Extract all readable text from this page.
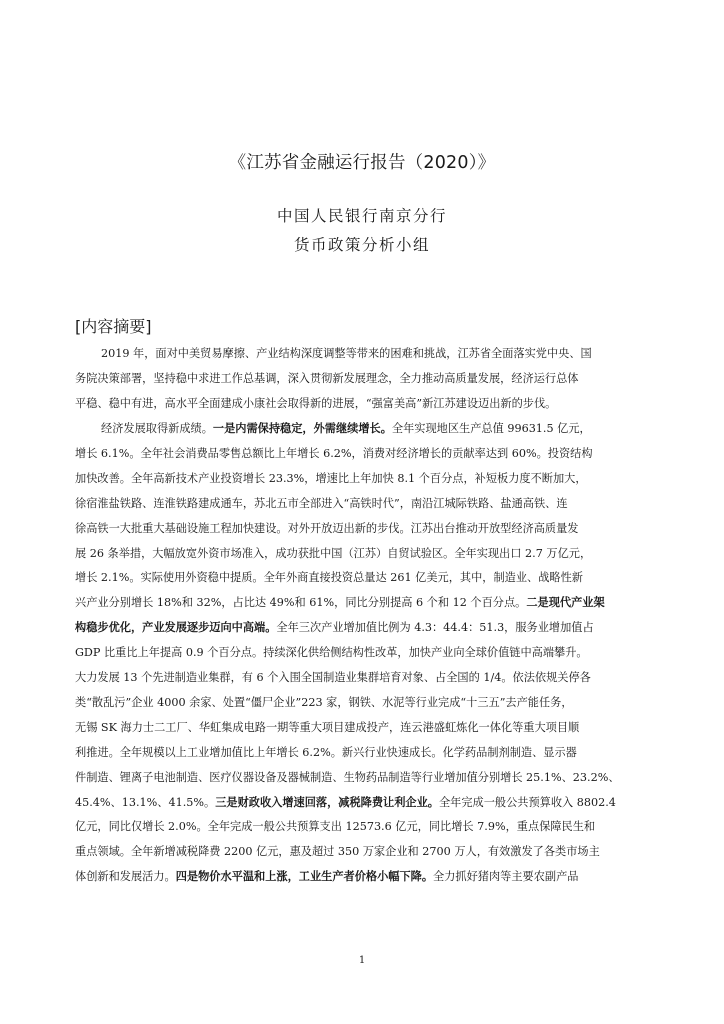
《江苏省金融运行报告（2020）》
中国人民银行南京分行
货币政策分析小组
[内容摘要]
2019 年，面对中美贸易摩擦、产业结构深度调整等带来的困难和挑战，江苏省全面落实党中央、国
务院决策部署，坚持稳中求进工作总基调，深入贯彻新发展理念，全力推动高质量发展，经济运行总体
平稳、稳中有进，高水平全面建成小康社会取得新的进展，“强富美高”新江苏建设迈出新的步伐。
经济发展取得新成绩。一是内需保持稳定，外需继续增长。全年实现地区生产总值 99631.5 亿元，
增长 6.1%。全年社会消费品零售总额比上年增长 6.2%，消费对经济增长的贡献率达到 60%。投资结构
加快改善。全年高新技术产业投资增长 23.3%，增速比上年加快 8.1 个百分点，补短板力度不断加大，
徐宿淮盐铁路、连淮铁路建成通车，苏北五市全部进入“高铁时代”，南沿江城际铁路、盐通高铁、连
徐高铁一大批重大基础设施工程加快建设。对外开放迈出新的步伐。江苏出台推动开放型经济高质量发
展 26 条举措，大幅放宽外资市场准入，成功获批中国（江苏）自贸试验区。全年实现出口 2.7 万亿元，
增长 2.1%。实际使用外资稳中提质。全年外商直接投资总量达 261 亿美元，其中，制造业、战略性新
兴产业分别增长 18%和 32%，占比达 49%和 61%，同比分别提高 6 个和 12 个百分点。二是现代产业架
构稳步优化，产业发展逐步迈向中高端。全年三次产业增加值比例为 4.3：44.4：51.3，服务业增加值占
GDP 比重比上年提高 0.9 个百分点。持续深化供给侧结构性改革，加快产业向全球价值链中高端攀升。
大力发展 13 个先进制造业集群，有 6 个入围全国制造业集群培育对象、占全国的 1/4。依法依规关停各
类“散乱污”企业 4000 余家、处置“僵尸企业”223 家，钢铁、水泥等行业完成“十三五”去产能任务，
无锡 SK 海力士二工厂、华虹集成电路一期等重大项目建成投产，连云港盛虹炼化一体化等重大项目顺
利推进。全年规模以上工业增加值比上年增长 6.2%。新兴行业快速成长。化学药品制剂制造、显示器
件制造、锂离子电池制造、医疗仪器设备及器械制造、生物药品制造等行业增加值分别增长 25.1%、23.2%、
45.4%、13.1%、41.5%。三是财政收入增速回落，减税降费让利企业。全年完成一般公共预算收入 8802.4
亿元，同比仅增长 2.0%。全年完成一般公共预算支出 12573.6 亿元，同比增长 7.9%，重点保障民生和
重点领域。全年新增减税降费 2200 亿元，惠及超过 350 万家企业和 2700 万人，有效激发了各类市场主
体创新和发展活力。四是物价水平温和上涨，工业生产者价格小幅下降。全力抓好猪肉等主要农副产品
1
